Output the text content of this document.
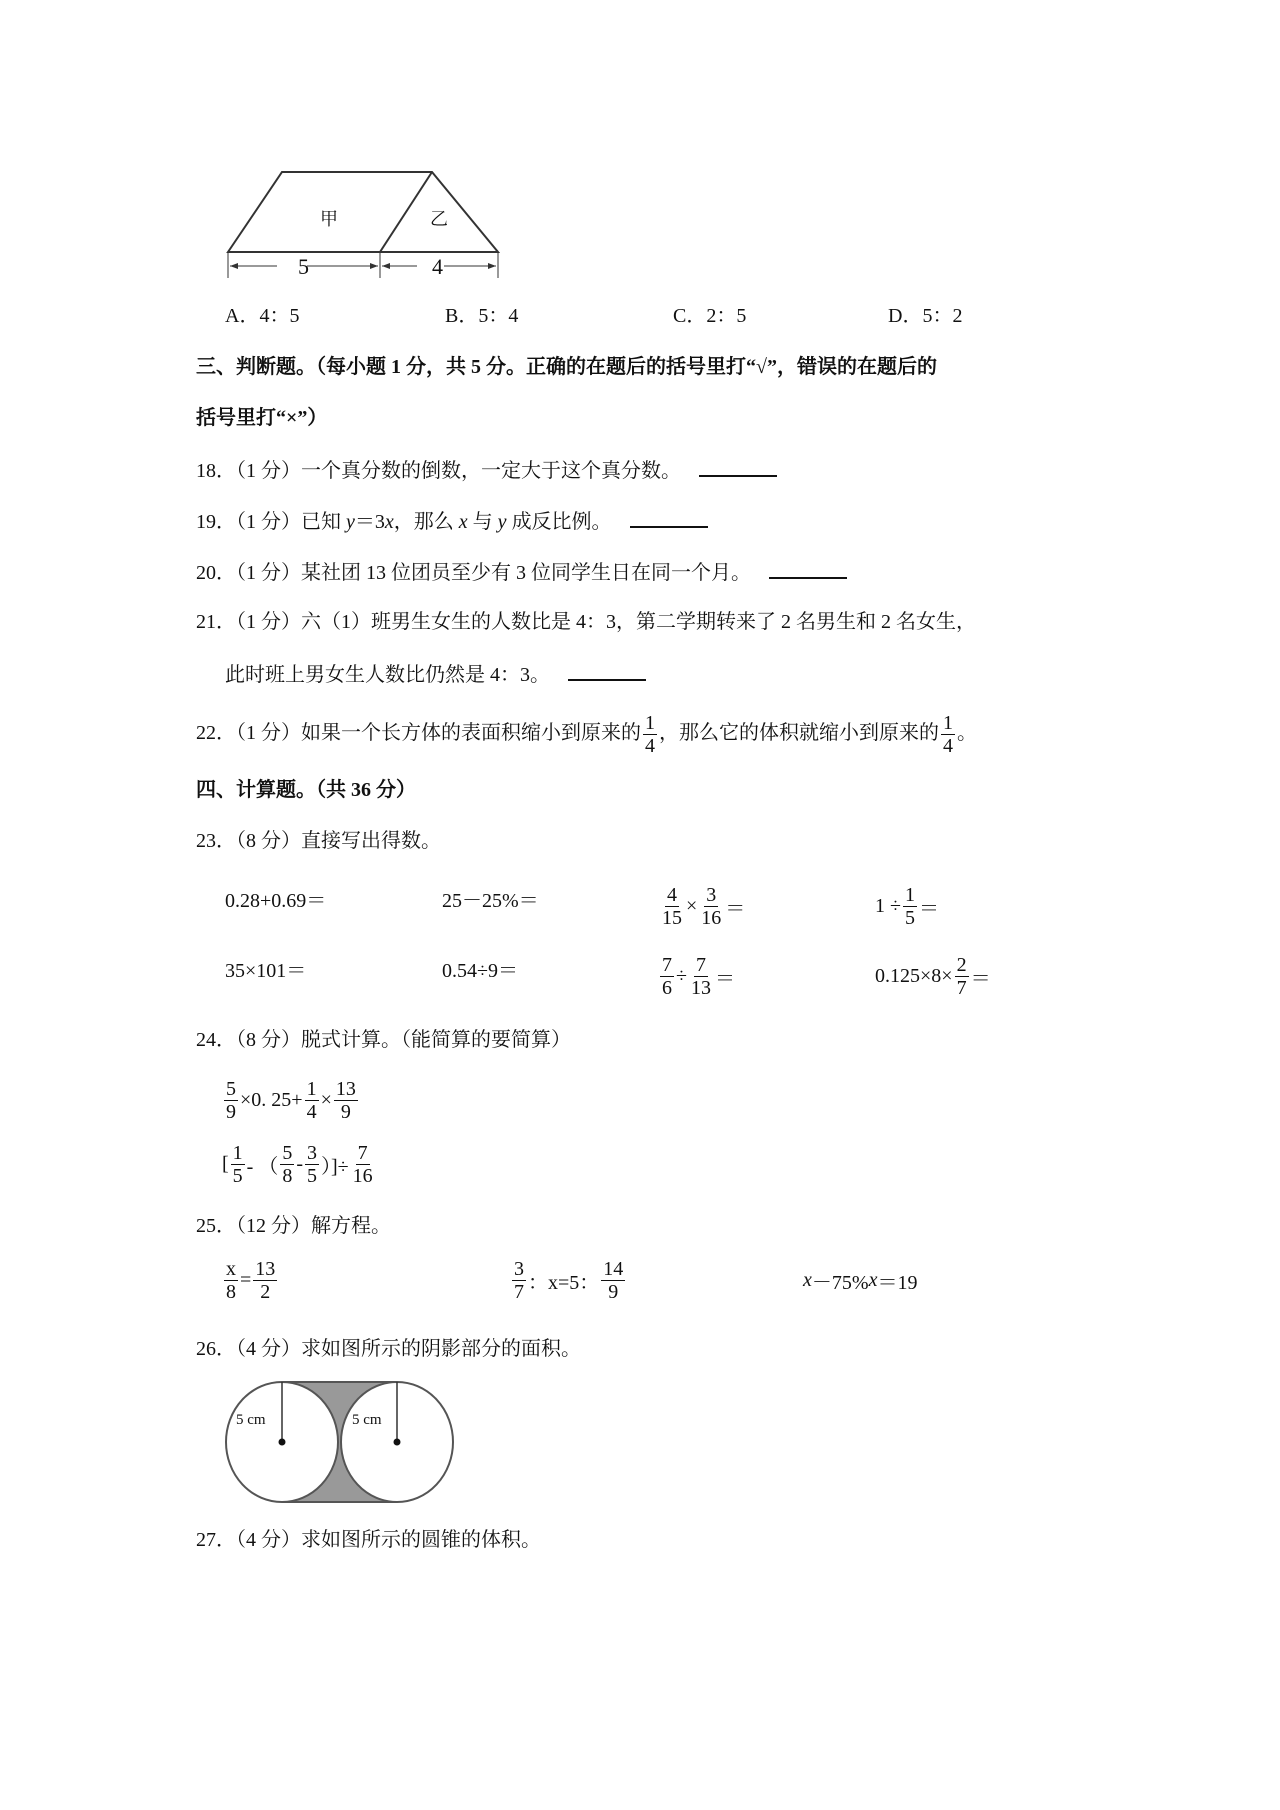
甲	乙
5	4
A．4：5	B．5：4	C．2：5	D．5：2
三、判断题。（每小题 1 分，共 5 分。正确的在题后的括号里打“√”，错误的在题后的
括号里打“×”）
18．（1 分）一个真分数的倒数，一定大于这个真分数。
19．（1 分）已知 y＝3x，那么 x 与 y 成反比例。
20．（1 分）某社团 13 位团员至少有 3 位同学生日在同一个月。
21．（1 分）六（1）班男生女生的人数比是 4：3，第二学期转来了 2 名男生和 2 名女生，
此时班上男女生人数比仍然是 4：3。
22．（1 分）如果一个长方体的表面积缩小到原来的 $\frac{1}{4}$ ，那么它的体积就缩小到原来的 $\frac{1}{4}$ 。
四、计算题。（共 36 分）
23．（8 分）直接写出得数。
0.28+0.69＝	25－25%＝	$\frac{4}{15} \times \frac{3}{16}$ ＝	$1 \div \frac{1}{5}$ ＝
35×101＝	0.54÷9＝	$\frac{7}{6} \div \frac{7}{13}$ ＝	$0.125\times 8\times \frac{2}{7}$ ＝
24．（8 分）脱式计算。（能简算的要简算）
$\frac{5}{9} \times 0$. $25+ \frac{1}{4} \times \frac{13}{9}$
[ $\frac{1}{5}$ - （ $\frac{5}{8} - \frac{3}{5}$ ）]÷ $\frac{7}{16}$
25．（12 分）解方程。
$\frac{x}{8} = \frac{13}{2}$	$\frac{3}{7}$ ：x=5： $\frac{14}{9}$	x －75% x ＝19
26．（4 分）求如图所示的阴影部分的面积。
5 cm	5 cm
27．（4 分）求如图所示的圆锥的体积。
